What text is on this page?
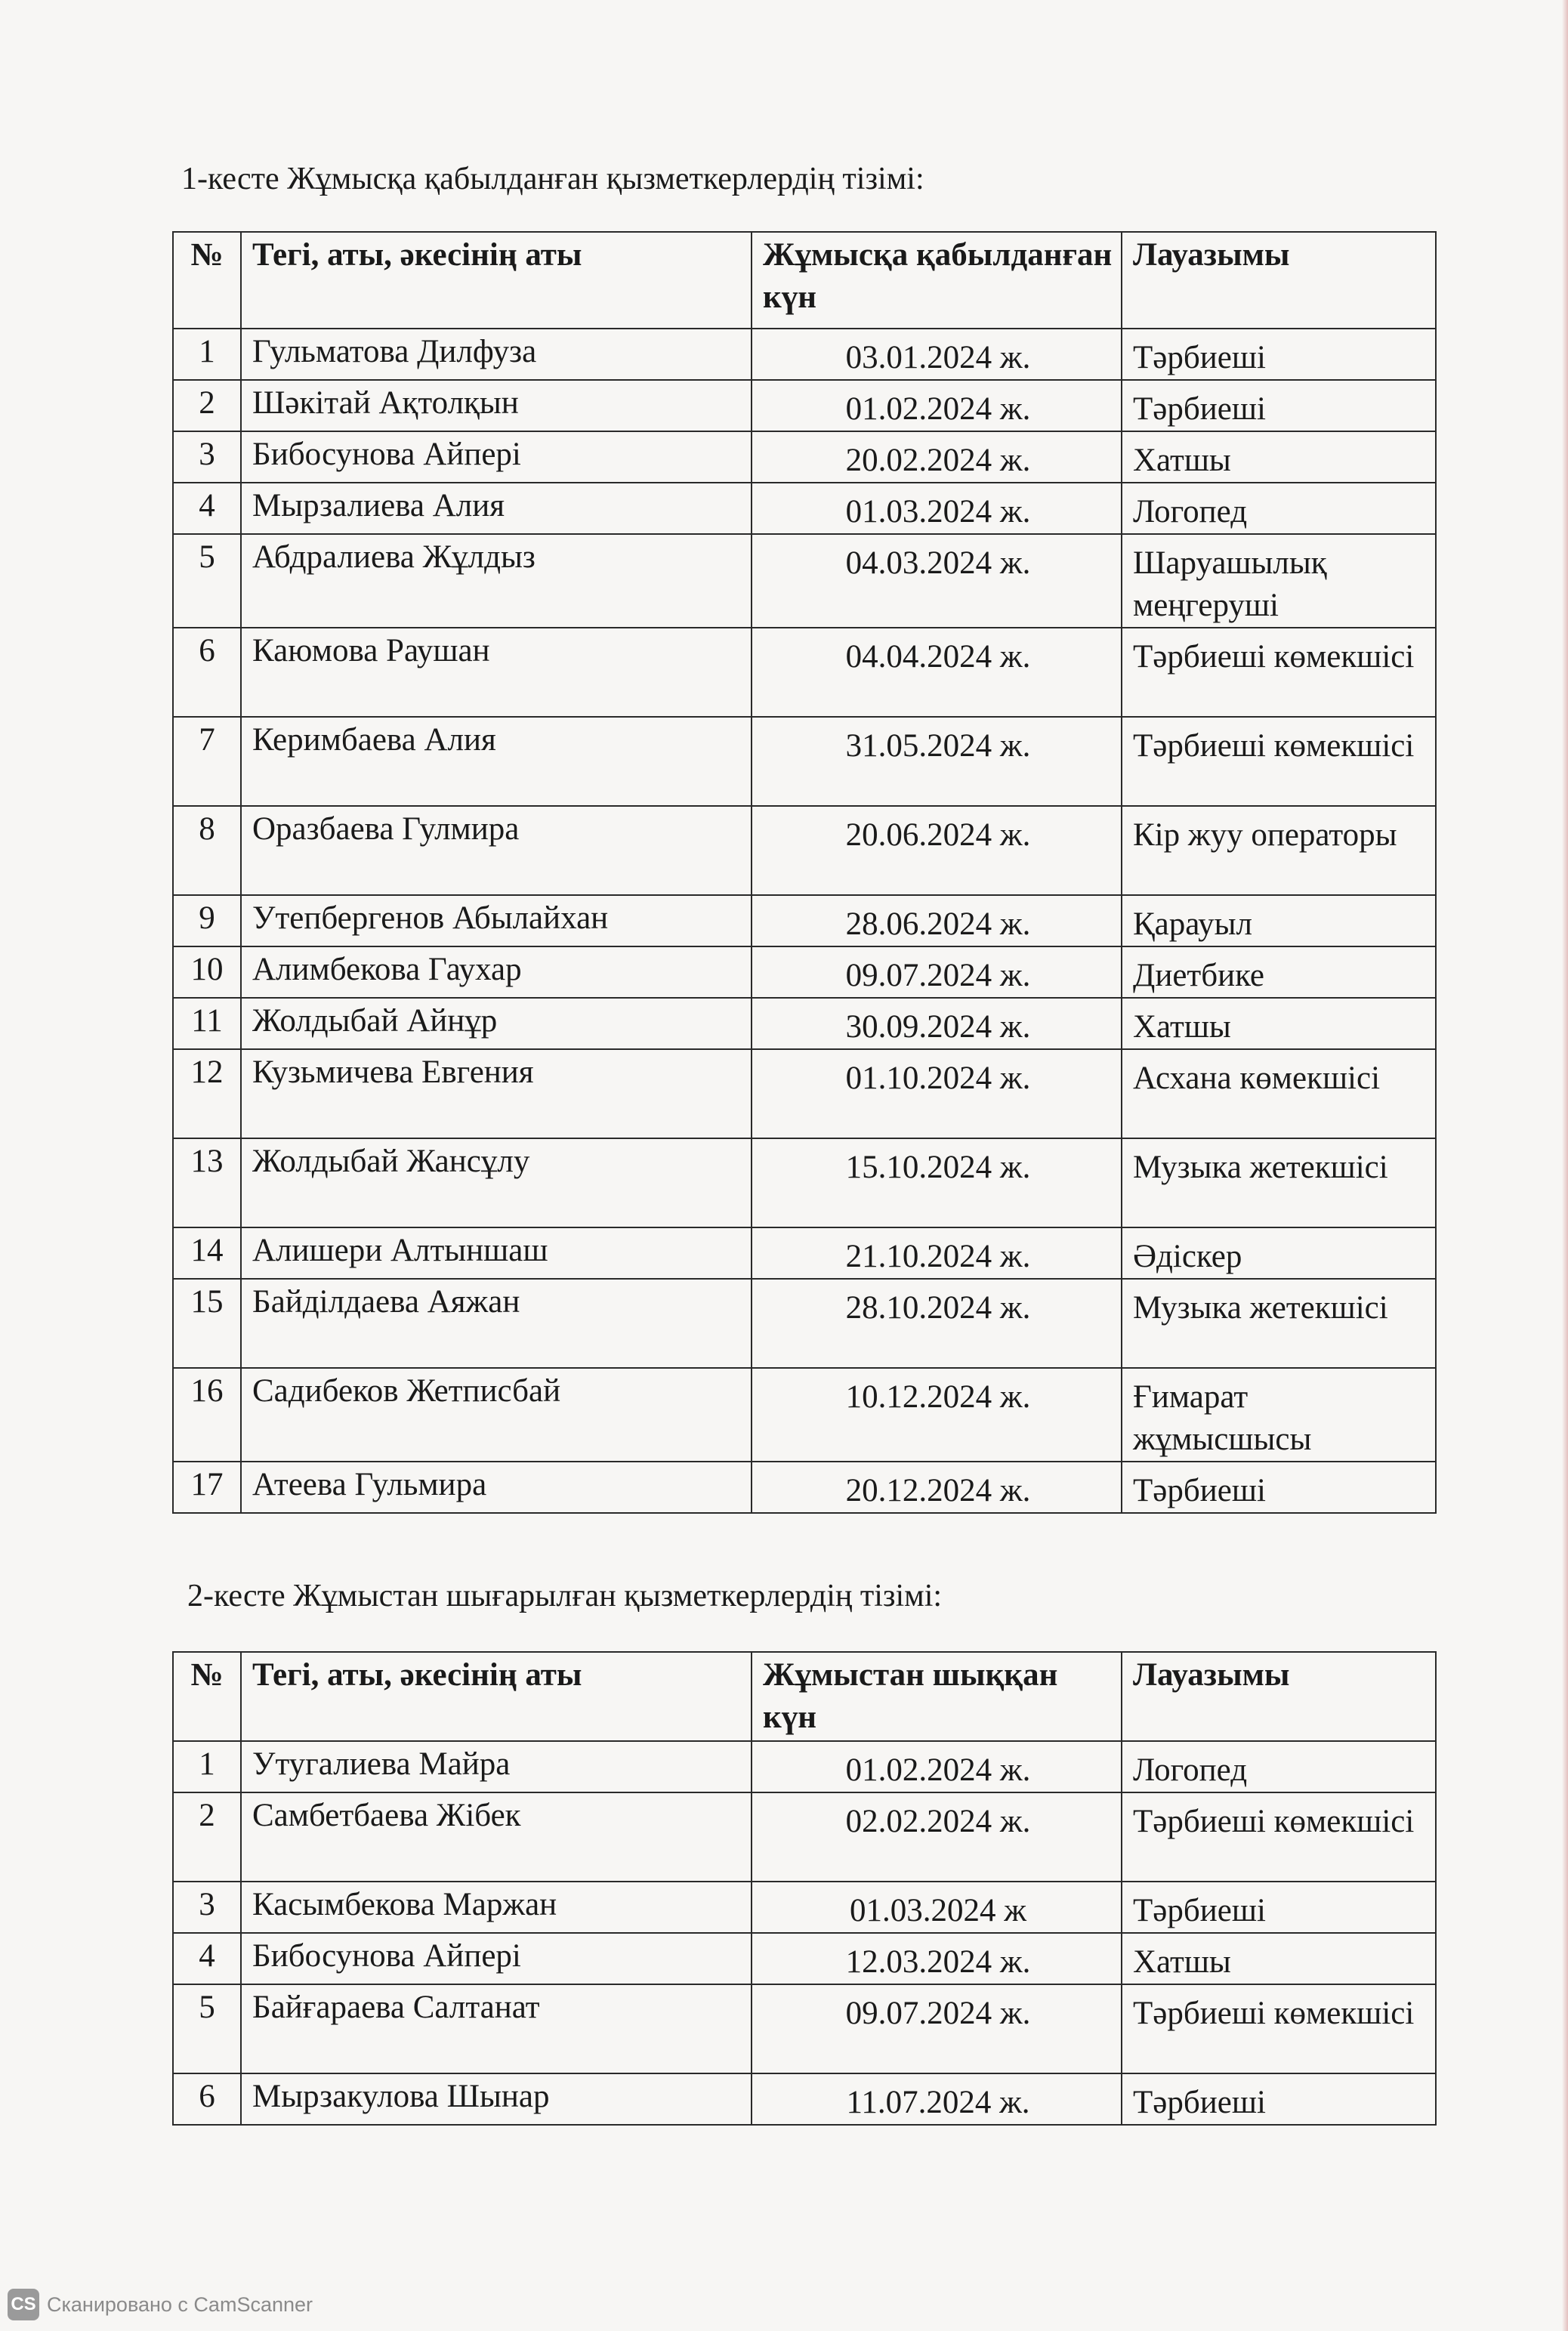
1-кесте Жұмысқа қабылданған қызметкерлердің тізімі:
№	Тегі, аты, әкесінің аты	Жұмысқа қабылданған күн	Лауазымы
1	Гульматова Дилфуза	03.01.2024 ж.	Тәрбиеші
2	Шәкітай Ақтолқын	01.02.2024 ж.	Тәрбиеші
3	Бибосунова Айпері	20.02.2024 ж.	Хатшы
4	Мырзалиева Алия	01.03.2024 ж.	Логопед
5	Абдралиева Жұлдыз	04.03.2024 ж.	Шаруашылық меңгеруші
6	Каюмова Раушан	04.04.2024 ж.	Тәрбиеші көмекшісі
7	Керимбаева Алия	31.05.2024 ж.	Тәрбиеші көмекшісі
8	Оразбаева Гулмира	20.06.2024 ж.	Кір жуу операторы
9	Утепбергенов Абылайхан	28.06.2024 ж.	Қарауыл
10	Алимбекова Гаухар	09.07.2024 ж.	Диетбике
11	Жолдыбай Айнұр	30.09.2024 ж.	Хатшы
12	Кузьмичева Евгения	01.10.2024 ж.	Асхана көмекшісі
13	Жолдыбай Жансұлу	15.10.2024 ж.	Музыка жетекшісі
14	Алишери Алтыншаш	21.10.2024 ж.	Әдіскер
15	Байділдаева Аяжан	28.10.2024 ж.	Музыка жетекшісі
16	Садибеков Жетписбай	10.12.2024 ж.	Ғимарат жұмысшысы
17	Атеева Гульмира	20.12.2024 ж.	Тәрбиеші
2-кесте Жұмыстан шығарылған қызметкерлердің тізімі:
№	Тегі, аты, әкесінің аты	Жұмыстан шыққан күн	Лауазымы
1	Утугалиева Майра	01.02.2024 ж.	Логопед
2	Самбетбаева Жібек	02.02.2024 ж.	Тәрбиеші көмекшісі
3	Касымбекова Маржан	01.03.2024 ж	Тәрбиеші
4	Бибосунова Айпері	12.03.2024 ж.	Хатшы
5	Байғараева Салтанат	09.07.2024 ж.	Тәрбиеші көмекшісі
6	Мырзакулова Шынар	11.07.2024 ж.	Тәрбиеші
CS Сканировано с CamScanner
